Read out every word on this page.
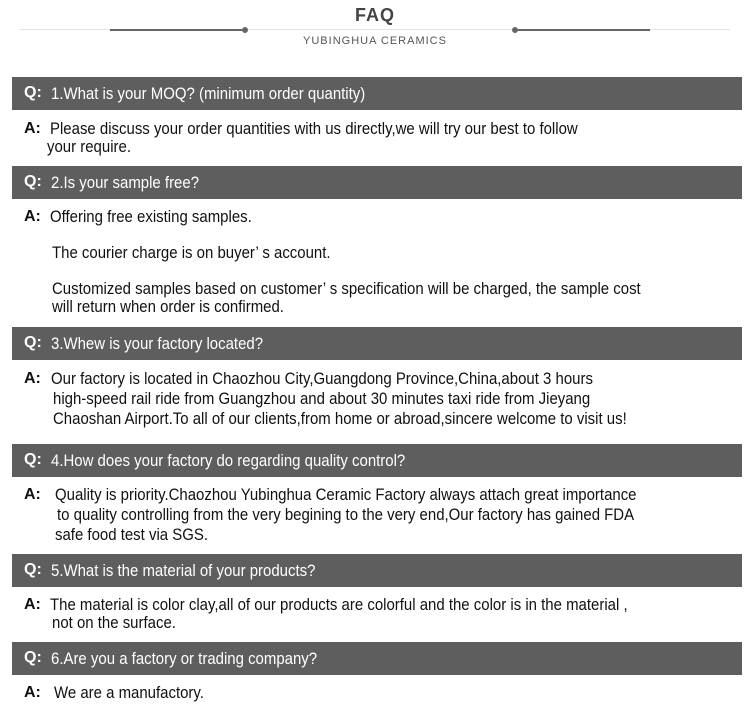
FAQ
YUBINGHUA CERAMICS
Q: 1.What is your MOQ? (minimum order quantity)
A: Please discuss your order quantities with us directly,we will try our best to follow
your require.
Q: 2.Is your sample free?
A: Offering free existing samples.
The courier charge is on buyer’ s account.
Customized samples based on customer’ s specification will be charged, the sample cost
will return when order is confirmed.
Q: 3.Whew is your factory located?
A: Our factory is located in Chaozhou City,Guangdong Province,China,about 3 hours
high-speed rail ride from Guangzhou and about 30 minutes taxi ride from Jieyang
Chaoshan Airport.To all of our clients,from home or abroad,sincere welcome to visit us!
Q: 4.How does your factory do regarding quality control?
A: Quality is priority.Chaozhou Yubinghua Ceramic Factory always attach great importance
to quality controlling from the very begining to the very end,Our factory has gained FDA
safe food test via SGS.
Q: 5.What is the material of your products?
A: The material is color clay,all of our products are colorful and the color is in the material ,
not on the surface.
Q: 6.Are you a factory or trading company?
A: We are a manufactory.
